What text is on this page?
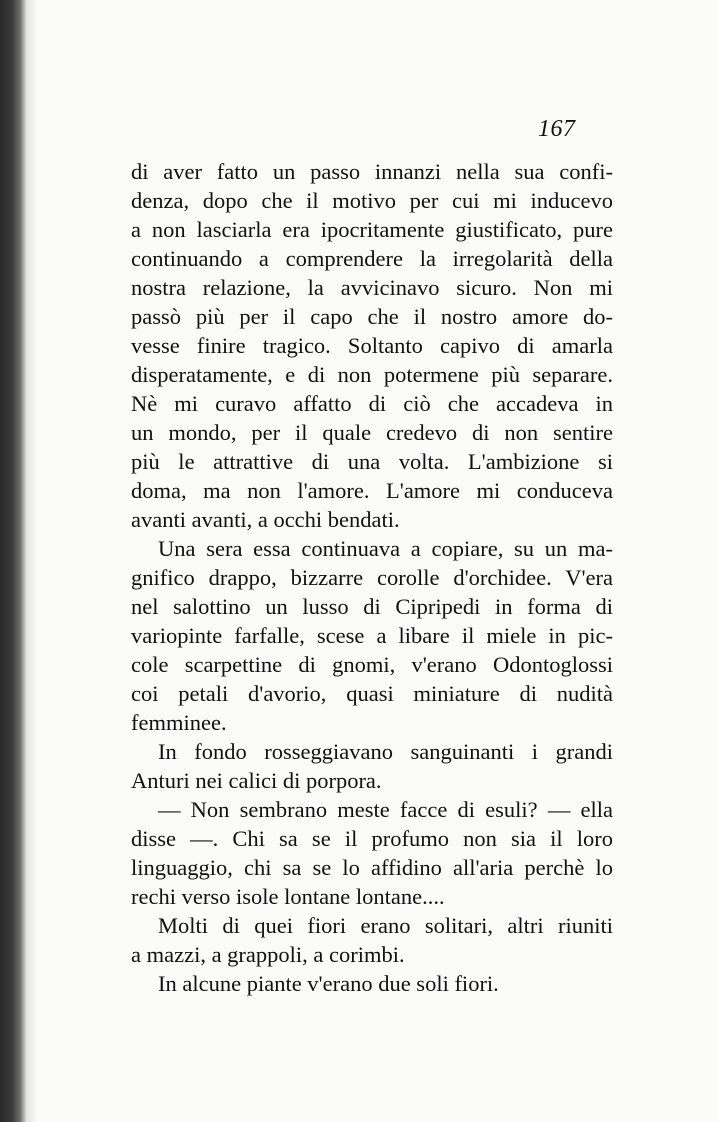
167
di aver fatto un passo innanzi nella sua confi-
denza, dopo che il motivo per cui mi inducevo
a non lasciarla era ipocritamente giustificato, pure
continuando a comprendere la irregolarità della
nostra relazione, la avvicinavo sicuro. Non mi
passò più per il capo che il nostro amore do-
vesse finire tragico. Soltanto capivo di amarla
disperatamente, e di non potermene più separare.
Nè mi curavo affatto di ciò che accadeva in
un mondo, per il quale credevo di non sentire
più le attrattive di una volta. L'ambizione si
doma, ma non l'amore. L'amore mi conduceva
avanti avanti, a occhi bendati.
Una sera essa continuava a copiare, su un ma-
gnifico drappo, bizzarre corolle d'orchidee. V'era
nel salottino un lusso di Cipripedi in forma di
variopinte farfalle, scese a libare il miele in pic-
cole scarpettine di gnomi, v'erano Odontoglossi
coi petali d'avorio, quasi miniature di nudità
femminee.
In fondo rosseggiavano sanguinanti i grandi
Anturi nei calici di porpora.
— Non sembrano meste facce di esuli? — ella
disse —. Chi sa se il profumo non sia il loro
linguaggio, chi sa se lo affidino all'aria perchè lo
rechi verso isole lontane lontane....
Molti di quei fiori erano solitari, altri riuniti
a mazzi, a grappoli, a corimbi.
In alcune piante v'erano due soli fiori.
